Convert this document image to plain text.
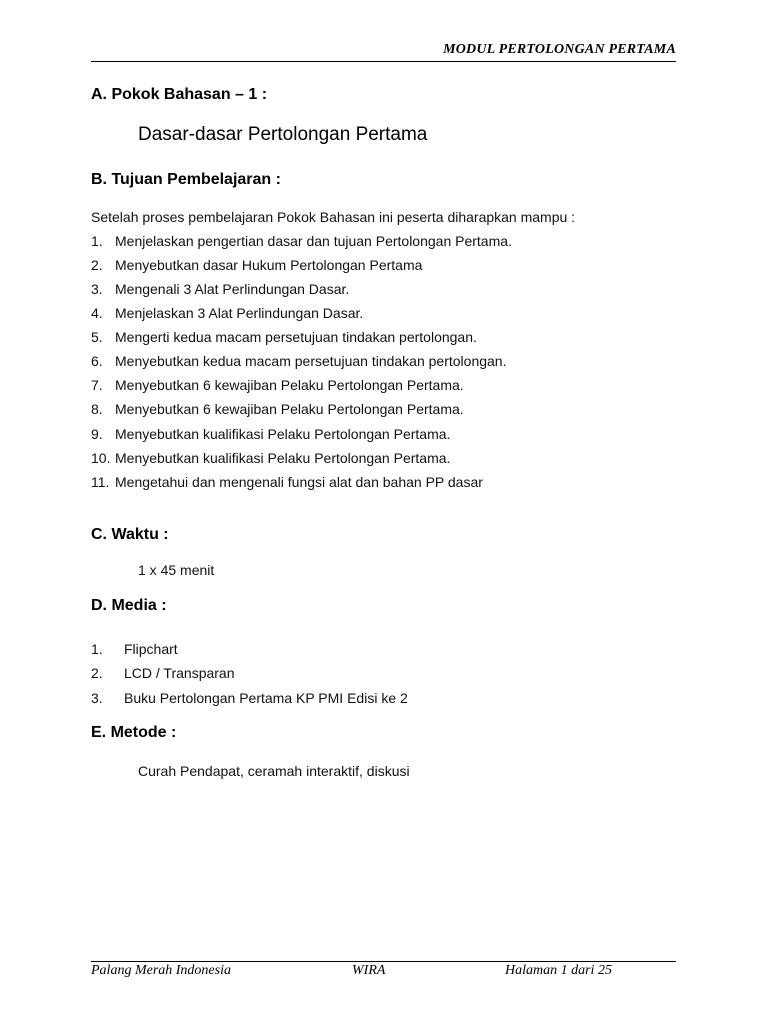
MODUL PERTOLONGAN PERTAMA
A. Pokok Bahasan – 1 :
Dasar-dasar Pertolongan Pertama
B. Tujuan Pembelajaran :
Setelah proses pembelajaran Pokok Bahasan ini peserta diharapkan mampu :
1. Menjelaskan pengertian dasar dan tujuan Pertolongan Pertama.
2. Menyebutkan dasar Hukum Pertolongan Pertama
3. Mengenali 3 Alat Perlindungan Dasar.
4. Menjelaskan 3 Alat Perlindungan Dasar.
5. Mengerti kedua macam persetujuan tindakan pertolongan.
6. Menyebutkan kedua macam persetujuan tindakan pertolongan.
7. Menyebutkan 6 kewajiban Pelaku Pertolongan Pertama.
8. Menyebutkan 6 kewajiban Pelaku Pertolongan Pertama.
9. Menyebutkan kualifikasi Pelaku Pertolongan Pertama.
10. Menyebutkan kualifikasi Pelaku Pertolongan Pertama.
11. Mengetahui dan mengenali fungsi alat dan bahan PP dasar
C. Waktu :
1 x 45 menit
D. Media :
1. Flipchart
2. LCD / Transparan
3. Buku Pertolongan Pertama KP PMI Edisi ke 2
E. Metode :
Curah Pendapat, ceramah interaktif, diskusi
Palang Merah Indonesia	WIRA	Halaman 1 dari 25
